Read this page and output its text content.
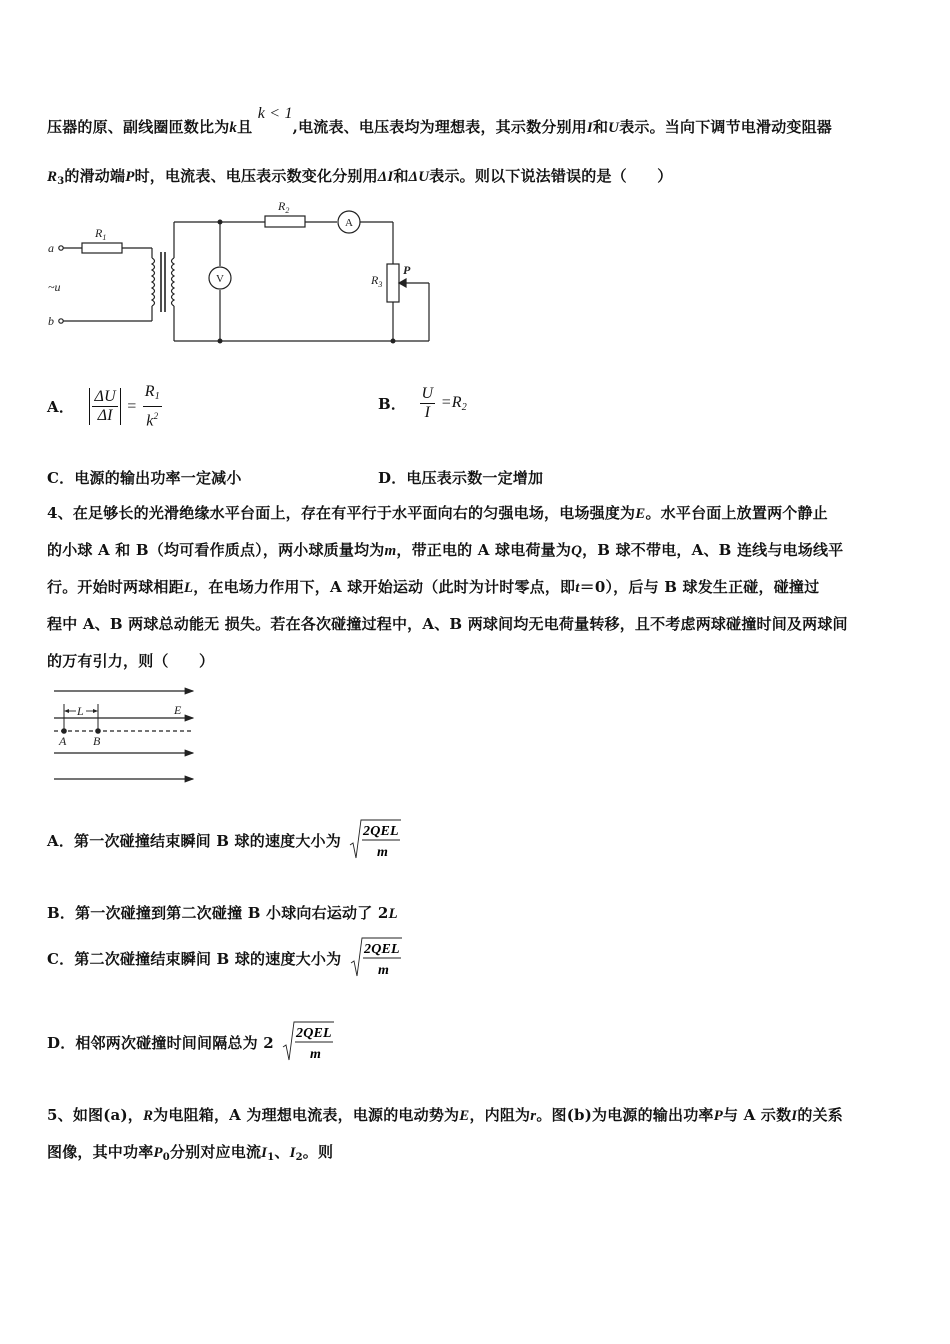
压器的原、副线圈匝数比为k且 k < 1,电流表、电压表均为理想表，其示数分别用I和U表示。当向下调节电滑动变阻器
$R_3$的滑动端P时，电流表、电压表示数变化分别用ΔI和ΔU表示。则以下说法错误的是（　　）
a
b
~u
$R_1$
$R_2$
$R_3$
P
V
A
A． $\frac{\Delta U}{\Delta I} = \frac{R_1}{k^2}$	B． $\frac{U}{I} =R_2$
C．电源的输出功率一定减小	D．电压表示数一定增加
4、在足够长的光滑绝缘水平台面上，存在有平行于水平面向右的匀强电场，电场强度为E。水平台面上放置两个静止
的小球 A 和 B（均可看作质点），两小球质量均为m，带正电的 A 球电荷量为Q，B 球不带电，A、B 连线与电场线平
行。开始时两球相距L，在电场力作用下，A 球开始运动（此时为计时零点，即t＝0），后与 B 球发生正碰，碰撞过
程中 A、B 两球总动能无 损失。若在各次碰撞过程中，A、B 两球间均无电荷量转移，且不考虑两球碰撞时间及两球间
的万有引力，则（　　）
L	E
A B
A．第一次碰撞结束瞬间 B 球的速度大小为 2QEL
m
B．第一次碰撞到第二次碰撞 B 小球向右运动了 2L
C．第二次碰撞结束瞬间 B 球的速度大小为 2QEL
m
D．相邻两次碰撞时间间隔总为 2 2QEL
m
5、如图(a)，R为电阻箱，A 为理想电流表，电源的电动势为E，内阻为r。图(b)为电源的输出功率P与 A 示数I的关系
图像，其中功率$P_0$分别对应电流$I_1$、$I_2$。则
